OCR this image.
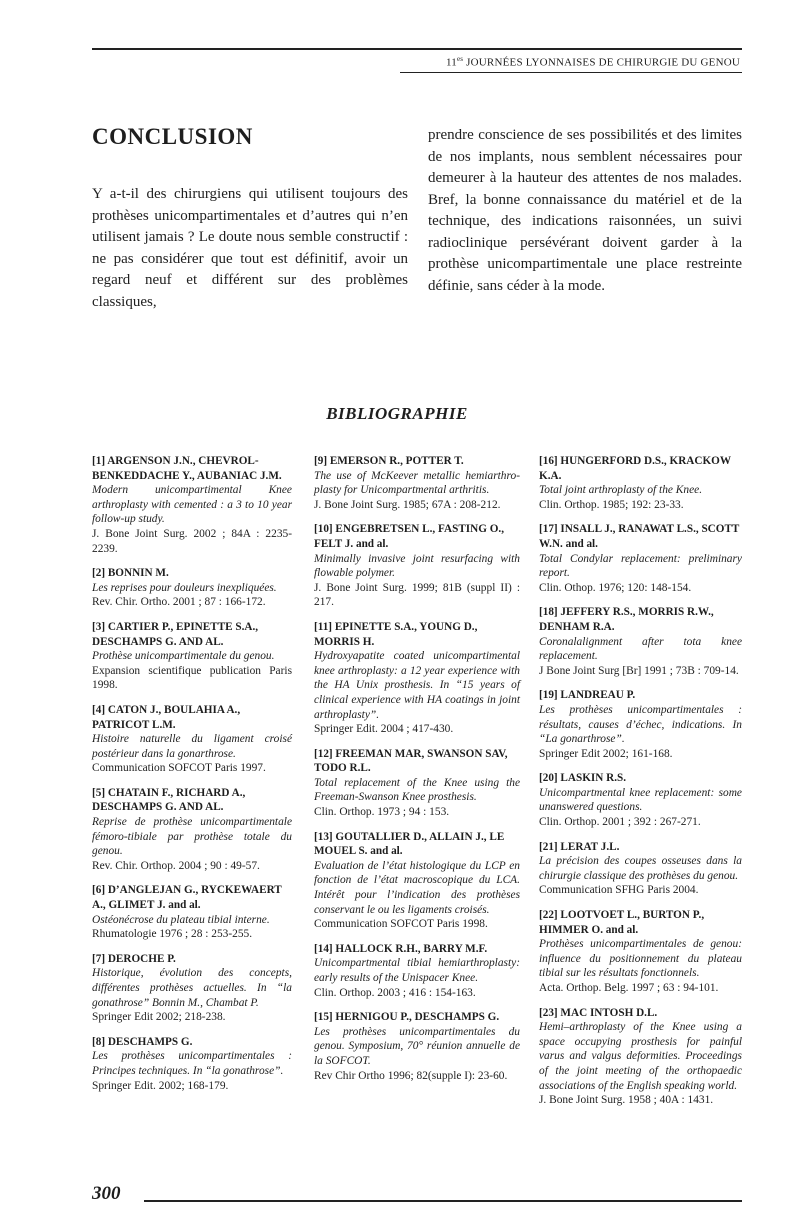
$11^{es}$ JOURNÉES LYONNAISES DE CHIRURGIE DU GENOU
CONCLUSION

Y a-t-il des chirurgiens qui utilisent toujours des prothèses unicompartimentales et d’autres qui n’en utilisent jamais ? Le doute nous semble constructif : ne pas considérer que tout est définitif, avoir un regard neuf et différent sur des problèmes classiques,

prendre conscience de ses possibilités et des limites de nos implants, nous semblent nécessaires pour demeurer à la hauteur des attentes de nos malades. Bref, la bonne connaissance du matériel et de la technique, des indications raisonnées, un suivi radioclinique persévérant doivent garder à la prothèse unicompartimentale une place restreinte définie, sans céder à la mode.

BIBLIOGRAPHIE
[1] ARGENSON J.N., CHEVROL-BENKEDDACHE Y., AUBANIAC J.M.
Modern unicompartimental Knee arthroplasty with cemented : a 3 to 10 year follow-up study.
J. Bone Joint Surg. 2002 ; 84A : 2235-2239.
[2] BONNIN M.
Les reprises pour douleurs inexpliquées.
Rev. Chir. Ortho. 2001 ; 87 : 166-172.
[3] CARTIER P., EPINETTE S.A., DESCHAMPS G. AND AL.
Prothèse unicompartimentale du genou.
Expansion scientifique publication Paris 1998.
[4] CATON J., BOULAHIA A., PATRICOT L.M.
Histoire naturelle du ligament croisé postérieur dans la gonarthrose.
Communication SOFCOT Paris 1997.
[5] CHATAIN F., RICHARD A., DESCHAMPS G. AND AL.
Reprise de prothèse unicompartimentale fémoro-tibiale par prothèse totale du genou.
Rev. Chir. Orthop. 2004 ; 90 : 49-57.
[6] D’ANGLEJAN G., RYCKEWAERT A., GLIMET J. and al.
Ostéonécrose du plateau tibial interne.
Rhumatologie 1976 ; 28 : 253-255.
[7] DEROCHE P.
Historique, évolution des concepts, différentes prothèses actuelles. In “la gonathrose” Bonnin M., Chambat P.
Springer Edit 2002; 218-238.
[8] DESCHAMPS G.
Les prothèses unicompartimentales : Principes techniques. In “la gonathrose”.
Springer Edit. 2002; 168-179.
[9] EMERSON R., POTTER T.
The use of McKeever metallic hemiarthroplasty for Unicompartmental arthritis.
J. Bone Joint Surg. 1985; 67A : 208-212.
[10] ENGEBRETSEN L., FASTING O., FELT J. and al.
Minimally invasive joint resurfacing with flowable polymer.
J. Bone Joint Surg. 1999; 81B (suppl II) : 217.
[11] EPINETTE S.A., YOUNG D., MORRIS H.
Hydroxyapatite coated unicompartimental knee arthroplasty: a 12 year experience with the HA Unix prosthesis. In “15 years of clinical experience with HA coatings in joint arthroplasty”.
Springer Edit. 2004 ; 417-430.
[12] FREEMAN MAR, SWANSON SAV, TODO R.L.
Total replacement of the Knee using the Freeman-Swanson Knee prosthesis.
Clin. Orthop. 1973 ; 94 : 153.
[13] GOUTALLIER D., ALLAIN J., LE MOUEL S. and al.
Evaluation de l’état histologique du LCP en fonction de l’état macroscopique du LCA. Intérêt pour l’indication des prothèses conservant le ou les ligaments croisés.
Communication SOFCOT Paris 1998.
[14] HALLOCK R.H., BARRY M.F.
Unicompartmental tibial hemiarthroplasty: early results of the Unispacer Knee.
Clin. Orthop. 2003 ; 416 : 154-163.
[15] HERNIGOU P., DESCHAMPS G.
Les prothèses unicompartimentales du genou. Symposium, 70° réunion annuelle de la SOFCOT.
Rev Chir Ortho 1996; 82(supple I): 23-60.
[16] HUNGERFORD D.S., KRACKOW K.A.
Total joint arthroplasty of the Knee.
Clin. Orthop. 1985; 192: 23-33.
[17] INSALL J., RANAWAT L.S., SCOTT W.N. and al.
Total Condylar replacement: preliminary report.
Clin. Othop. 1976; 120: 148-154.
[18] JEFFERY R.S., MORRIS R.W., DENHAM R.A.
Coronalalignment after tota knee replacement.
J Bone Joint Surg [Br] 1991 ; 73B : 709-14.
[19] LANDREAU P.
Les prothèses unicompartimentales : résultats, causes d’échec, indications. In “La gonarthrose”.
Springer Edit 2002; 161-168.
[20] LASKIN R.S.
Unicompartmental knee replacement: some unanswered questions.
Clin. Orthop. 2001 ; 392 : 267-271.
[21] LERAT J.L.
La précision des coupes osseuses dans la chirurgie classique des prothèses du genou.
Communication SFHG Paris 2004.
[22] LOOTVOET L., BURTON P., HIMMER O. and al.
Prothèses unicompartimentales de genou: influence du positionnement du plateau tibial sur les résultats fonctionnels.
Acta. Orthop. Belg. 1997 ; 63 : 94-101.
[23] MAC INTOSH D.L.
Hemi–arthroplasty of the Knee using a space occupying prosthesis for painful varus and valgus deformities. Proceedings of the joint meeting of the orthopaedic associations of the English speaking world.
J. Bone Joint Surg. 1958 ; 40A : 1431.
300
